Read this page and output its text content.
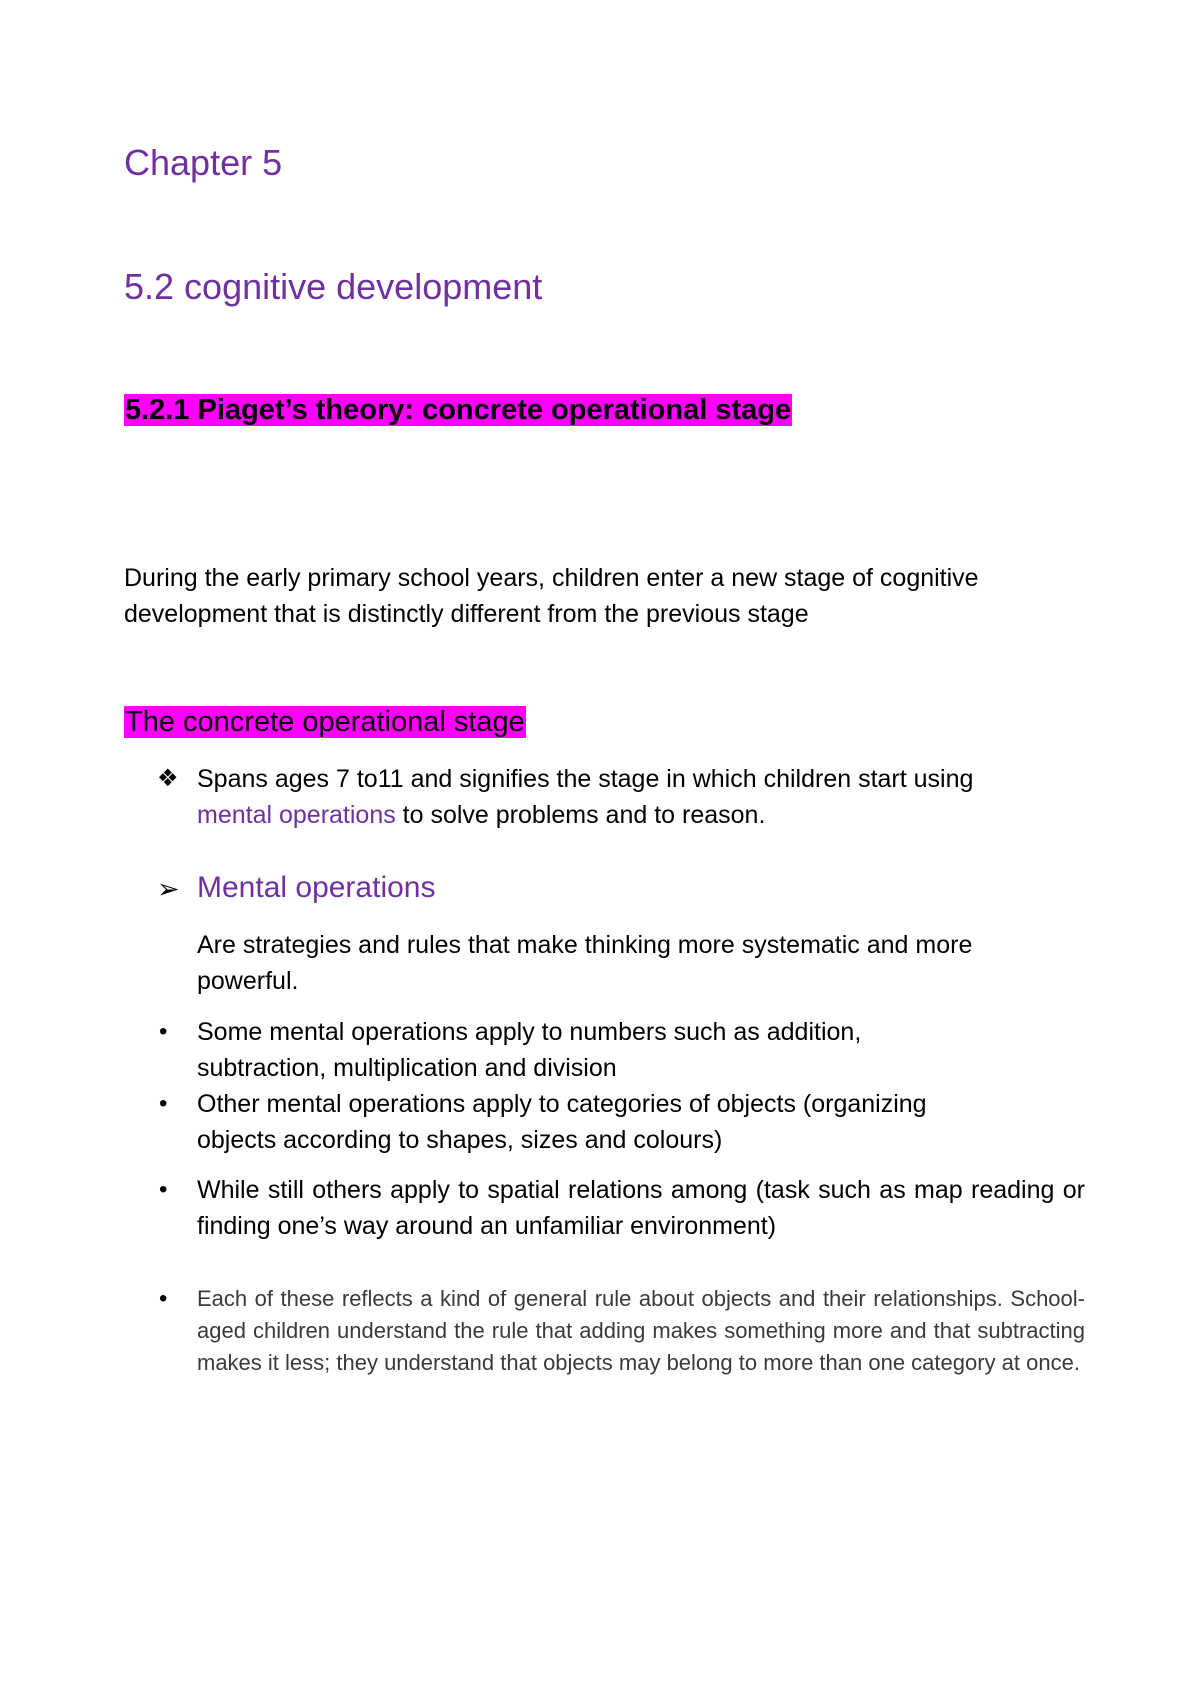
Chapter 5
5.2 cognitive development
5.2.1 Piaget’s theory: concrete operational stage
During the early primary school years, children enter a new stage of cognitive
development that is distinctly different from the previous stage
The concrete operational stage
❖ Spans ages 7 to11 and signifies the stage in which children start using
mental operations to solve problems and to reason.
➢ Mental operations
Are strategies and rules that make thinking more systematic and more
powerful.
• Some mental operations apply to numbers such as addition,
subtraction, multiplication and division
• Other mental operations apply to categories of objects (organizing
objects according to shapes, sizes and colours)
• While still others apply to spatial relations among (task such as map reading or finding one’s way around an unfamiliar environment)
• Each of these reflects a kind of general rule about objects and their relationships. School-aged children understand the rule that adding makes something more and that subtracting makes it less; they understand that objects may belong to more than one category at once.
